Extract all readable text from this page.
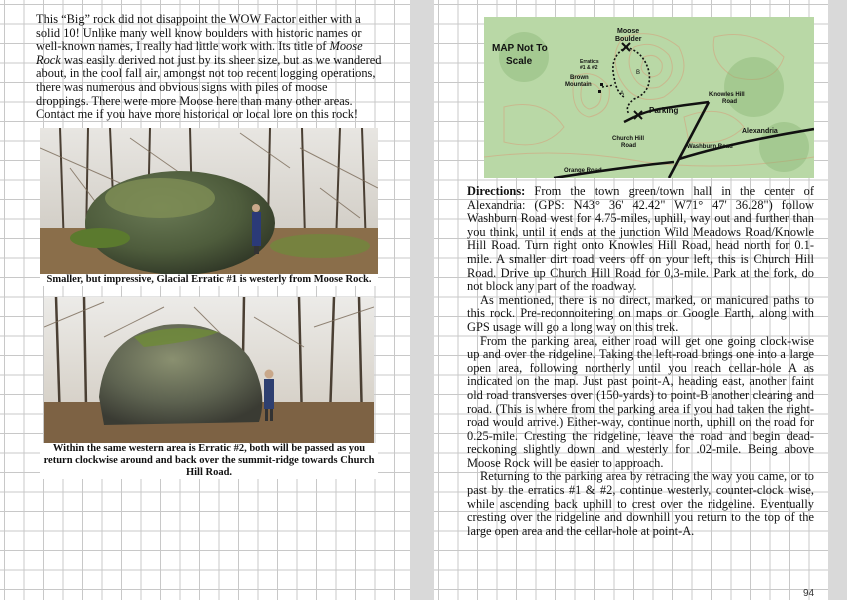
This “Big” rock did not disappoint the WOW Factor either with a solid 10! Unlike many well know boulders with historic names or well-known names, I really had little work with. Its title of Moose Rock was easily derived not just by its sheer size, but as we wandered about, in the cool fall air, amongst not too recent logging operations, there was numerous and obvious signs with piles of moose droppings. There were more Moose here than many other areas. Contact me if you have more historical or local lore on this rock!
Smaller, but impressive, Glacial Erratic #1 is westerly from Moose Rock.
Within the same western area is Erratic #2, both will be passed as you return clockwise around and back over the summit-ridge towards Church Hill Road.
MAP Not To
Scale
Moose
Boulder
Erratics
#1 & #2
Brown
Mountain
B
A
Parking
Knowles Hill
Road
Alexandria
Church Hill
Road	Washburn Road
Orange Road

Directions: From the town green/town hall in the center of Alexandria: (GPS: N43° 36' 42.42" W71° 47' 36.28") follow Washburn Road west for 4.75-miles, uphill, way out and further than you think, until it ends at the junction Wild Meadows Road/Knowle Hill Road. Turn right onto Knowles Hill Road, head north for 0.1-mile. A smaller dirt road veers off on your left, this is Church Hill Road. Drive up Church Hill Road for 0,3-mile. Park at the fork, do not block any part of the roadway.

As mentioned, there is no direct, marked, or manicured paths to this rock. Pre-reconnoitering on maps or Google Earth, along with GPS usage will go a long way on this trek.

From the parking area, either road will get one going clock-wise up and over the ridgeline. Taking the left-road brings one into a large open area, following northerly until you reach cellar-hole A as indicated on the map. Just past point-A, heading east, another faint old road transverses over (150-yards) to point-B another clearing and road. (This is where from the parking area if you had taken the right-road would arrive.) Either-way, continue north, uphill on the road for 0.25-mile. Cresting the ridgeline, leave the road and begin dead-reckoning slightly down and westerly for .02-mile. Being above Moose Rock will be easier to approach.

Returning to the parking area by retracing the way you came, or to past by the erratics #1 & #2, continue westerly, counter-clock wise, while ascending back uphill to crest over the ridgeline. Eventually cresting over the ridgeline and downhill you return to the top of the large open area and the cellar-hole at point-A.

94
